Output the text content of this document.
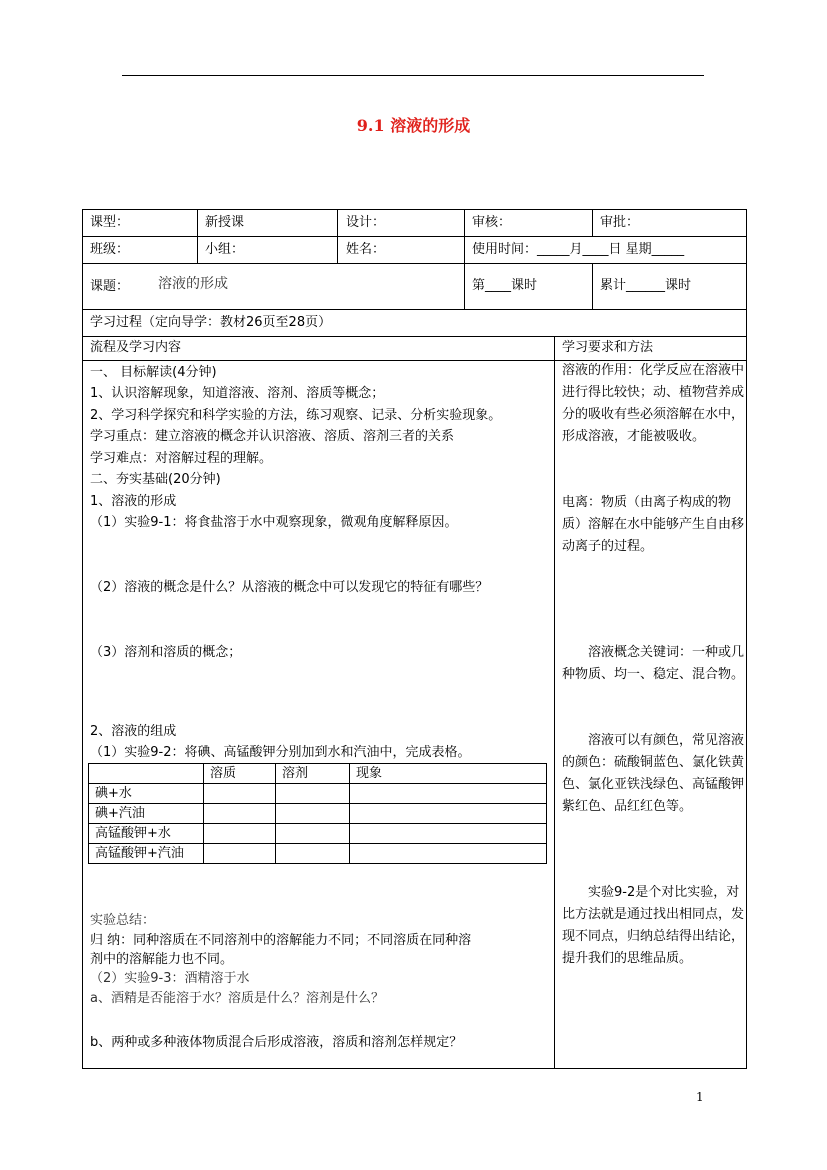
9.1 溶液的形成
课型：	新授课	设计：	审核：	审批：
班级：	小组：	姓名：	使用时间：_____月____日 星期_____
课题： 溶液的形成	第____课时	累计______课时
学习过程（定向导学：教材26页至28页）
流程及学习内容	学习要求和方法
一、 目标解读(4分钟)
1、认识溶解现象，知道溶液、溶剂、溶质等概念；
2、学习科学探究和科学实验的方法，练习观察、记录、分析实验现象。
学习重点：建立溶液的概念并认识溶液、溶质、溶剂三者的关系
学习难点：对溶解过程的理解。
二、夯实基础(20分钟)
1、溶液的形成
（1）实验9-1：将食盐溶于水中观察现象，微观角度解释原因。
（2）溶液的概念是什么？从溶液的概念中可以发现它的特征有哪些？
（3）溶剂和溶质的概念；
2、溶液的组成
（1）实验9-2：将碘、高锰酸钾分别加到水和汽油中，完成表格。
	溶质	溶剂	现象
碘+水			
碘+汽油			
高锰酸钾+水			
高锰酸钾+汽油			
实验总结：
归 纳：同种溶质在不同溶剂中的溶解能力不同；不同溶质在同种溶
剂中的溶解能力也不同。
（2）实验9-3：酒精溶于水
a、酒精是否能溶于水？溶质是什么？溶剂是什么？
b、两种或多种液体物质混合后形成溶液，溶质和溶剂怎样规定？
溶液的作用：化学反应在溶液中进行得比较快；动、植物营养成分的吸收有些必须溶解在水中，形成溶液，才能被吸收。
电离：物质（由离子构成的物质）溶解在水中能够产生自由移动离子的过程。
溶液概念关键词：一种或几种物质、均一、稳定、混合物。
溶液可以有颜色，常见溶液的颜色：硫酸铜蓝色、氯化铁黄色、氯化亚铁浅绿色、高锰酸钾紫红色、品红红色等。
实验9-2是个对比实验，对比方法就是通过找出相同点，发现不同点，归纳总结得出结论，提升我们的思维品质。
1
